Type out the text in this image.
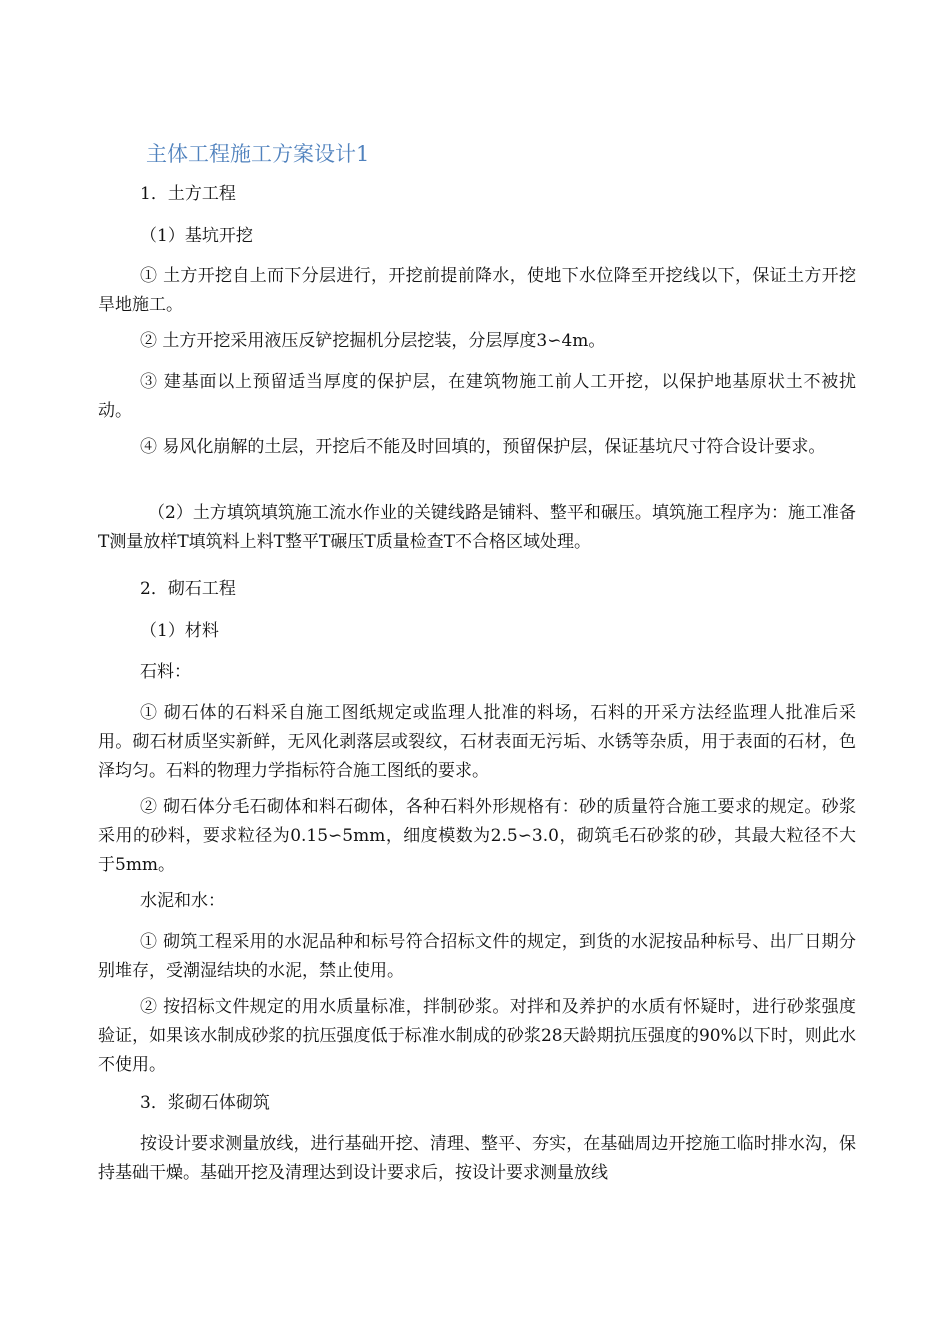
主体工程施工方案设计1
1．土方工程
（1）基坑开挖
① 土方开挖自上而下分层进行，开挖前提前降水，使地下水位降至开挖线以下，保证土方开挖旱地施工。
② 土方开挖采用液压反铲挖掘机分层挖装，分层厚度3∽4m。
③ 建基面以上预留适当厚度的保护层，在建筑物施工前人工开挖，以保护地基原状土不被扰动。
④ 易风化崩解的土层，开挖后不能及时回填的，预留保护层，保证基坑尺寸符合设计要求。
（2）土方填筑填筑施工流水作业的关键线路是铺料、整平和碾压。填筑施工程序为：施工准备T测量放样T填筑料上料T整平T碾压T质量检查T不合格区域处理。
2．砌石工程
（1）材料
石料：
① 砌石体的石料采自施工图纸规定或监理人批准的料场，石料的开采方法经监理人批准后采用。砌石材质坚实新鲜，无风化剥落层或裂纹，石材表面无污垢、水锈等杂质，用于表面的石材，色泽均匀。石料的物理力学指标符合施工图纸的要求。
② 砌石体分毛石砌体和料石砌体，各种石料外形规格有：砂的质量符合施工要求的规定。砂浆采用的砂料，要求粒径为0.15∽5mm，细度模数为2.5∽3.0，砌筑毛石砂浆的砂，其最大粒径不大于5mm。
水泥和水：
① 砌筑工程采用的水泥品种和标号符合招标文件的规定，到货的水泥按品种标号、出厂日期分别堆存，受潮湿结块的水泥，禁止使用。
② 按招标文件规定的用水质量标准，拌制砂浆。对拌和及养护的水质有怀疑时，进行砂浆强度验证，如果该水制成砂浆的抗压强度低于标准水制成的砂浆28天龄期抗压强度的90%以下时，则此水不使用。
3．浆砌石体砌筑
按设计要求测量放线，进行基础开挖、清理、整平、夯实，在基础周边开挖施工临时排水沟，保持基础干燥。基础开挖及清理达到设计要求后，按设计要求测量放线
